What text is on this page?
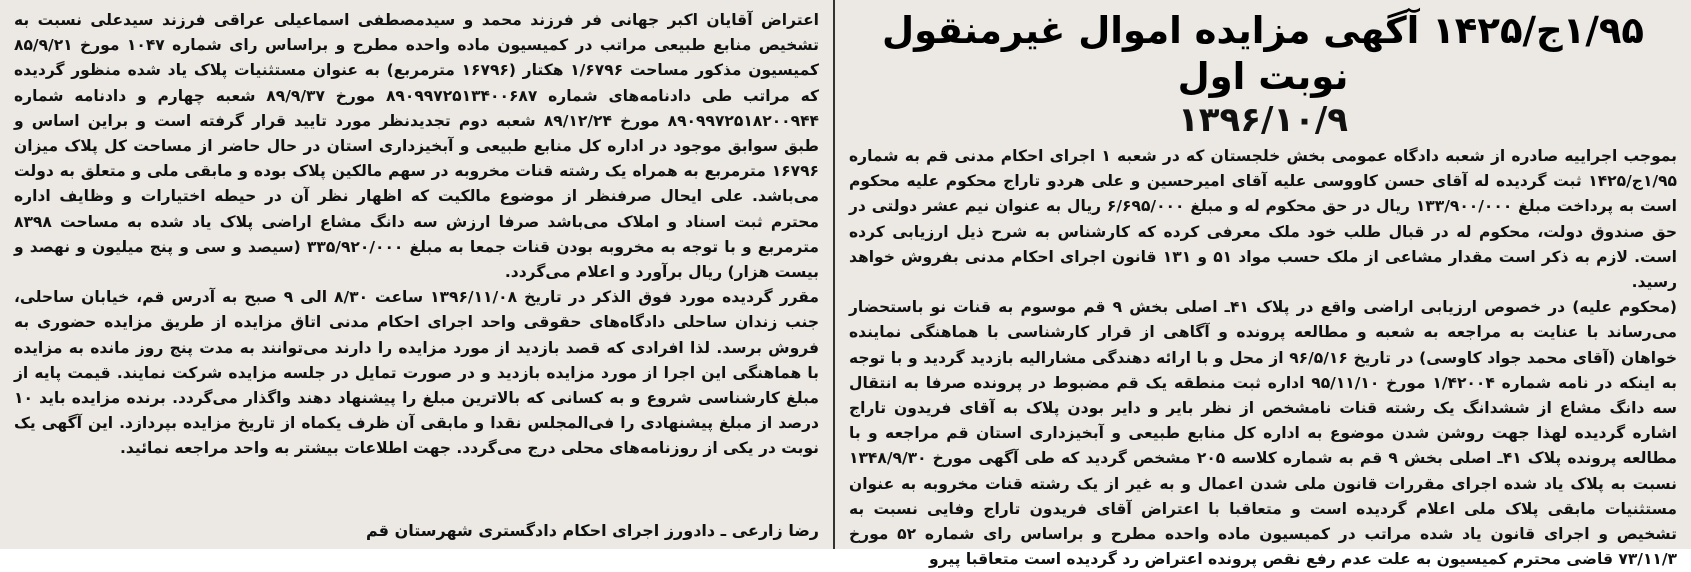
۱/۹۵ج/۱۴۲۵ آگهی مزایده اموال غیرمنقول نوبت اول

۱۳۹۶/۱۰/۹

بموجب اجراییه صادره از شعبه دادگاه عمومی بخش خلجستان که در شعبه ۱ اجرای احکام مدنی قم به شماره ۱/۹۵ج/۱۴۲۵ ثبت گردیده له آقای حسن کاووسی علیه آقای امیرحسین و علی هردو تاراج محکوم علیه محکوم است به پرداخت مبلغ ۱۳۳/۹۰۰/۰۰۰ ریال در حق محکوم له و مبلغ ۶/۶۹۵/۰۰۰ ریال به عنوان نیم عشر دولتی در حق صندوق دولت، محکوم له در قبال طلب خود ملک معرفی کرده که کارشناس به شرح ذیل ارزیابی کرده است. لازم به ذکر است مقدار مشاعی از ملک حسب مواد ۵۱ و ۱۳۱ قانون اجرای احکام مدنی بفروش خواهد رسید.

(محکوم علیه) در خصوص ارزیابی اراضی واقع در پلاک ۴۱ـ اصلی بخش ۹ قم موسوم به قنات نو باستحضار می‌رساند با عنایت به مراجعه به شعبه و مطالعه پرونده و آگاهی از قرار کارشناسی با هماهنگی نماینده خواهان (آقای محمد جواد کاوسی) در تاریخ ۹۶/۵/۱۶ از محل و با ارائه دهندگی مشارالیه بازدید گردید و با توجه به اینکه در نامه شماره ۱/۴۲۰۰۴ مورخ ۹۵/۱۱/۱۰ اداره ثبت منطقه یک قم مضبوط در پرونده صرفا به انتقال سه دانگ مشاع از ششدانگ یک رشته قنات نامشخص از نظر بایر و دایر بودن پلاک به آقای فریدون تاراج اشاره گردیده لهذا جهت روشن شدن موضوع به اداره کل منابع طبیعی و آبخیزداری استان قم مراجعه و با مطالعه پرونده پلاک ۴۱ـ اصلی بخش ۹ قم به شماره کلاسه ۲۰۵ مشخص گردید که طی آگهی مورخ ۱۳۴۸/۹/۳۰ نسبت به پلاک یاد شده اجرای مقررات قانون ملی شدن اعمال و به غیر از یک رشته قنات مخروبه به عنوان مستثنیات مابقی پلاک ملی اعلام گردیده است و متعاقبا با اعتراض آقای فریدون تاراج وفایی نسبت به تشخیص و اجرای قانون یاد شده مراتب در کمیسیون ماده واحده مطرح و براساس رای شماره ۵۲ مورخ ۷۳/۱۱/۳ قاضی محترم کمیسیون به علت عدم رفع نقص پرونده اعتراض رد گردیده است متعاقبا پیرو

اعتراض آقایان اکبر جهانی فر فرزند محمد و سیدمصطفی اسماعیلی عراقی فرزند سیدعلی نسبت به تشخیص منابع طبیعی مراتب در کمیسیون ماده واحده مطرح و براساس رای شماره ۱۰۴۷ مورخ ۸۵/۹/۲۱ کمیسیون مذکور مساحت ۱/۶۷۹۶ هکتار (۱۶۷۹۶ مترمربع) به عنوان مستثنیات پلاک یاد شده منظور گردیده که مراتب طی دادنامه‌های شماره ۸۹۰۹۹۷۲۵۱۳۴۰۰۶۸۷ مورخ ۸۹/۹/۳۷ شعبه چهارم و دادنامه شماره ۸۹۰۹۹۷۲۵۱۸۲۰۰۹۴۴ مورخ ۸۹/۱۲/۲۴ شعبه دوم تجدیدنظر مورد تایید قرار گرفته است و براین اساس و طبق سوابق موجود در اداره کل منابع طبیعی و آبخیزداری استان در حال حاضر از مساحت کل پلاک میزان ۱۶۷۹۶ مترمربع به همراه یک رشته قنات مخروبه در سهم مالکین پلاک بوده و مابقی ملی و متعلق به دولت می‌باشد. علی ایحال صرفنظر از موضوع مالکیت که اظهار نظر آن در حیطه اختیارات و وظایف اداره محترم ثبت اسناد و املاک می‌باشد صرفا ارزش سه دانگ مشاع اراضی پلاک یاد شده به مساحت ۸۳۹۸ مترمربع و با توجه به مخروبه بودن قنات جمعا به مبلغ ۳۳۵/۹۲۰/۰۰۰ (سیصد و سی و پنج میلیون و نهصد و بیست هزار) ریال برآورد و اعلام می‌گردد.

مقرر گردیده مورد فوق الذکر در تاریخ ۱۳۹۶/۱۱/۰۸ ساعت ۸/۳۰ الی ۹ صبح به آدرس قم، خیابان ساحلی، جنب زندان ساحلی دادگاه‌های حقوقی واحد اجرای احکام مدنی اتاق مزایده از طریق مزایده حضوری به فروش برسد. لذا افرادی که قصد بازدید از مورد مزایده را دارند می‌توانند به مدت پنج روز مانده به مزایده با هماهنگی این اجرا از مورد مزایده بازدید و در صورت تمایل در جلسه مزایده شرکت نمایند. قیمت پایه از مبلغ کارشناسی شروع و به کسانی که بالاترین مبلغ را پیشنهاد دهند واگذار می‌گردد. برنده مزایده باید ۱۰ درصد از مبلغ پیشنهادی را فی‌المجلس نقدا و مابقی آن ظرف یکماه از تاریخ مزایده بپردازد. این آگهی یک نوبت در یکی از روزنامه‌های محلی درج می‌گردد. جهت اطلاعات بیشتر به واحد مراجعه نمائید.

رضا زارعی ـ دادورز اجرای احکام دادگستری شهرستان قم
